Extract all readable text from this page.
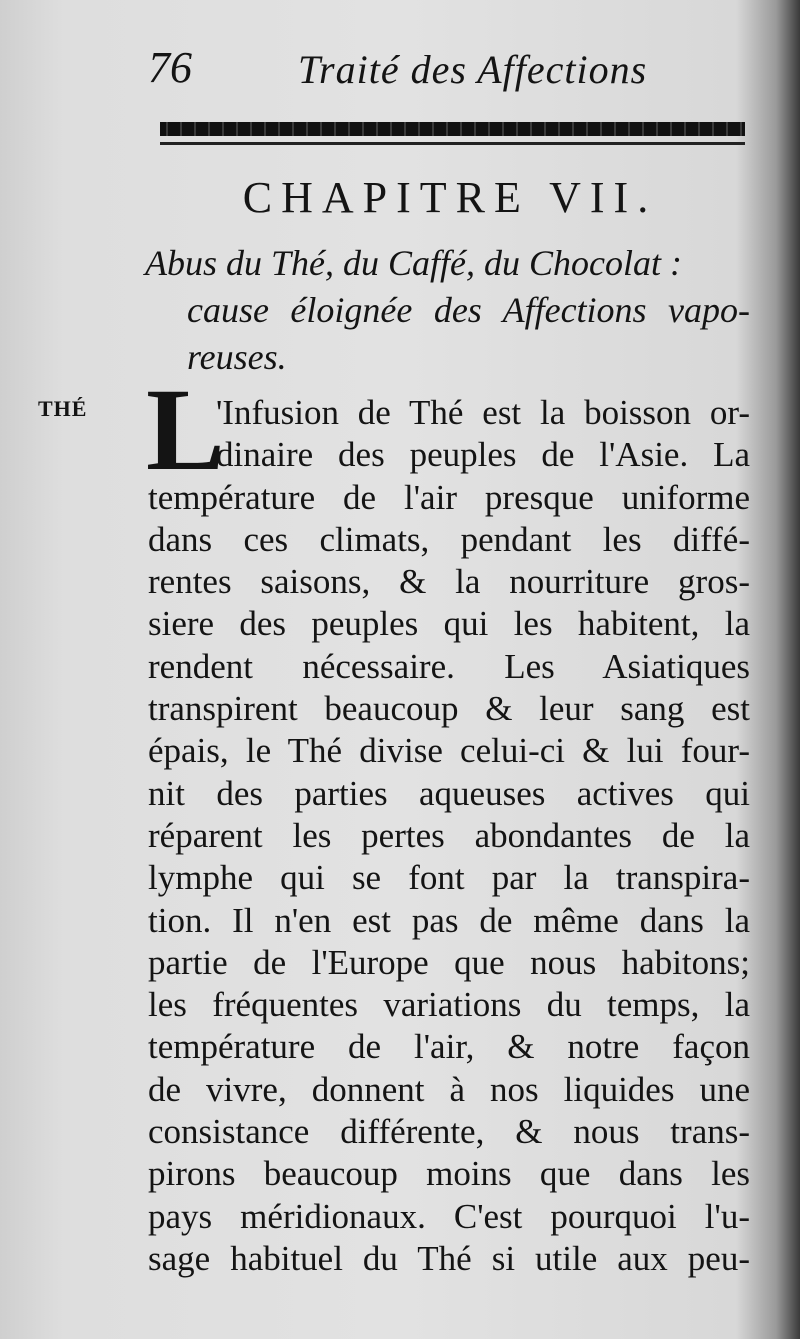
76	Traité des Affections
CHAPITRE VII.
Abus du Thé, du Caffé, du Chocolat :
cause éloignée des Affections vapo-
reuses.
THÉ L
'Infusion de Thé est la boisson or-
dinaire des peuples de l'Asie. La
température de l'air presque uniforme
dans ces climats, pendant les diffé-
rentes saisons, & la nourriture gros-
siere des peuples qui les habitent, la
rendent nécessaire. Les Asiatiques
transpirent beaucoup & leur sang est
épais, le Thé divise celui-ci & lui four-
nit des parties aqueuses actives qui
réparent les pertes abondantes de la
lymphe qui se font par la transpira-
tion. Il n'en est pas de même dans la
partie de l'Europe que nous habitons;
les fréquentes variations du temps, la
température de l'air, & notre façon
de vivre, donnent à nos liquides une
consistance différente, & nous trans-
pirons beaucoup moins que dans les
pays méridionaux. C'est pourquoi l'u-
sage habituel du Thé si utile aux peu-
